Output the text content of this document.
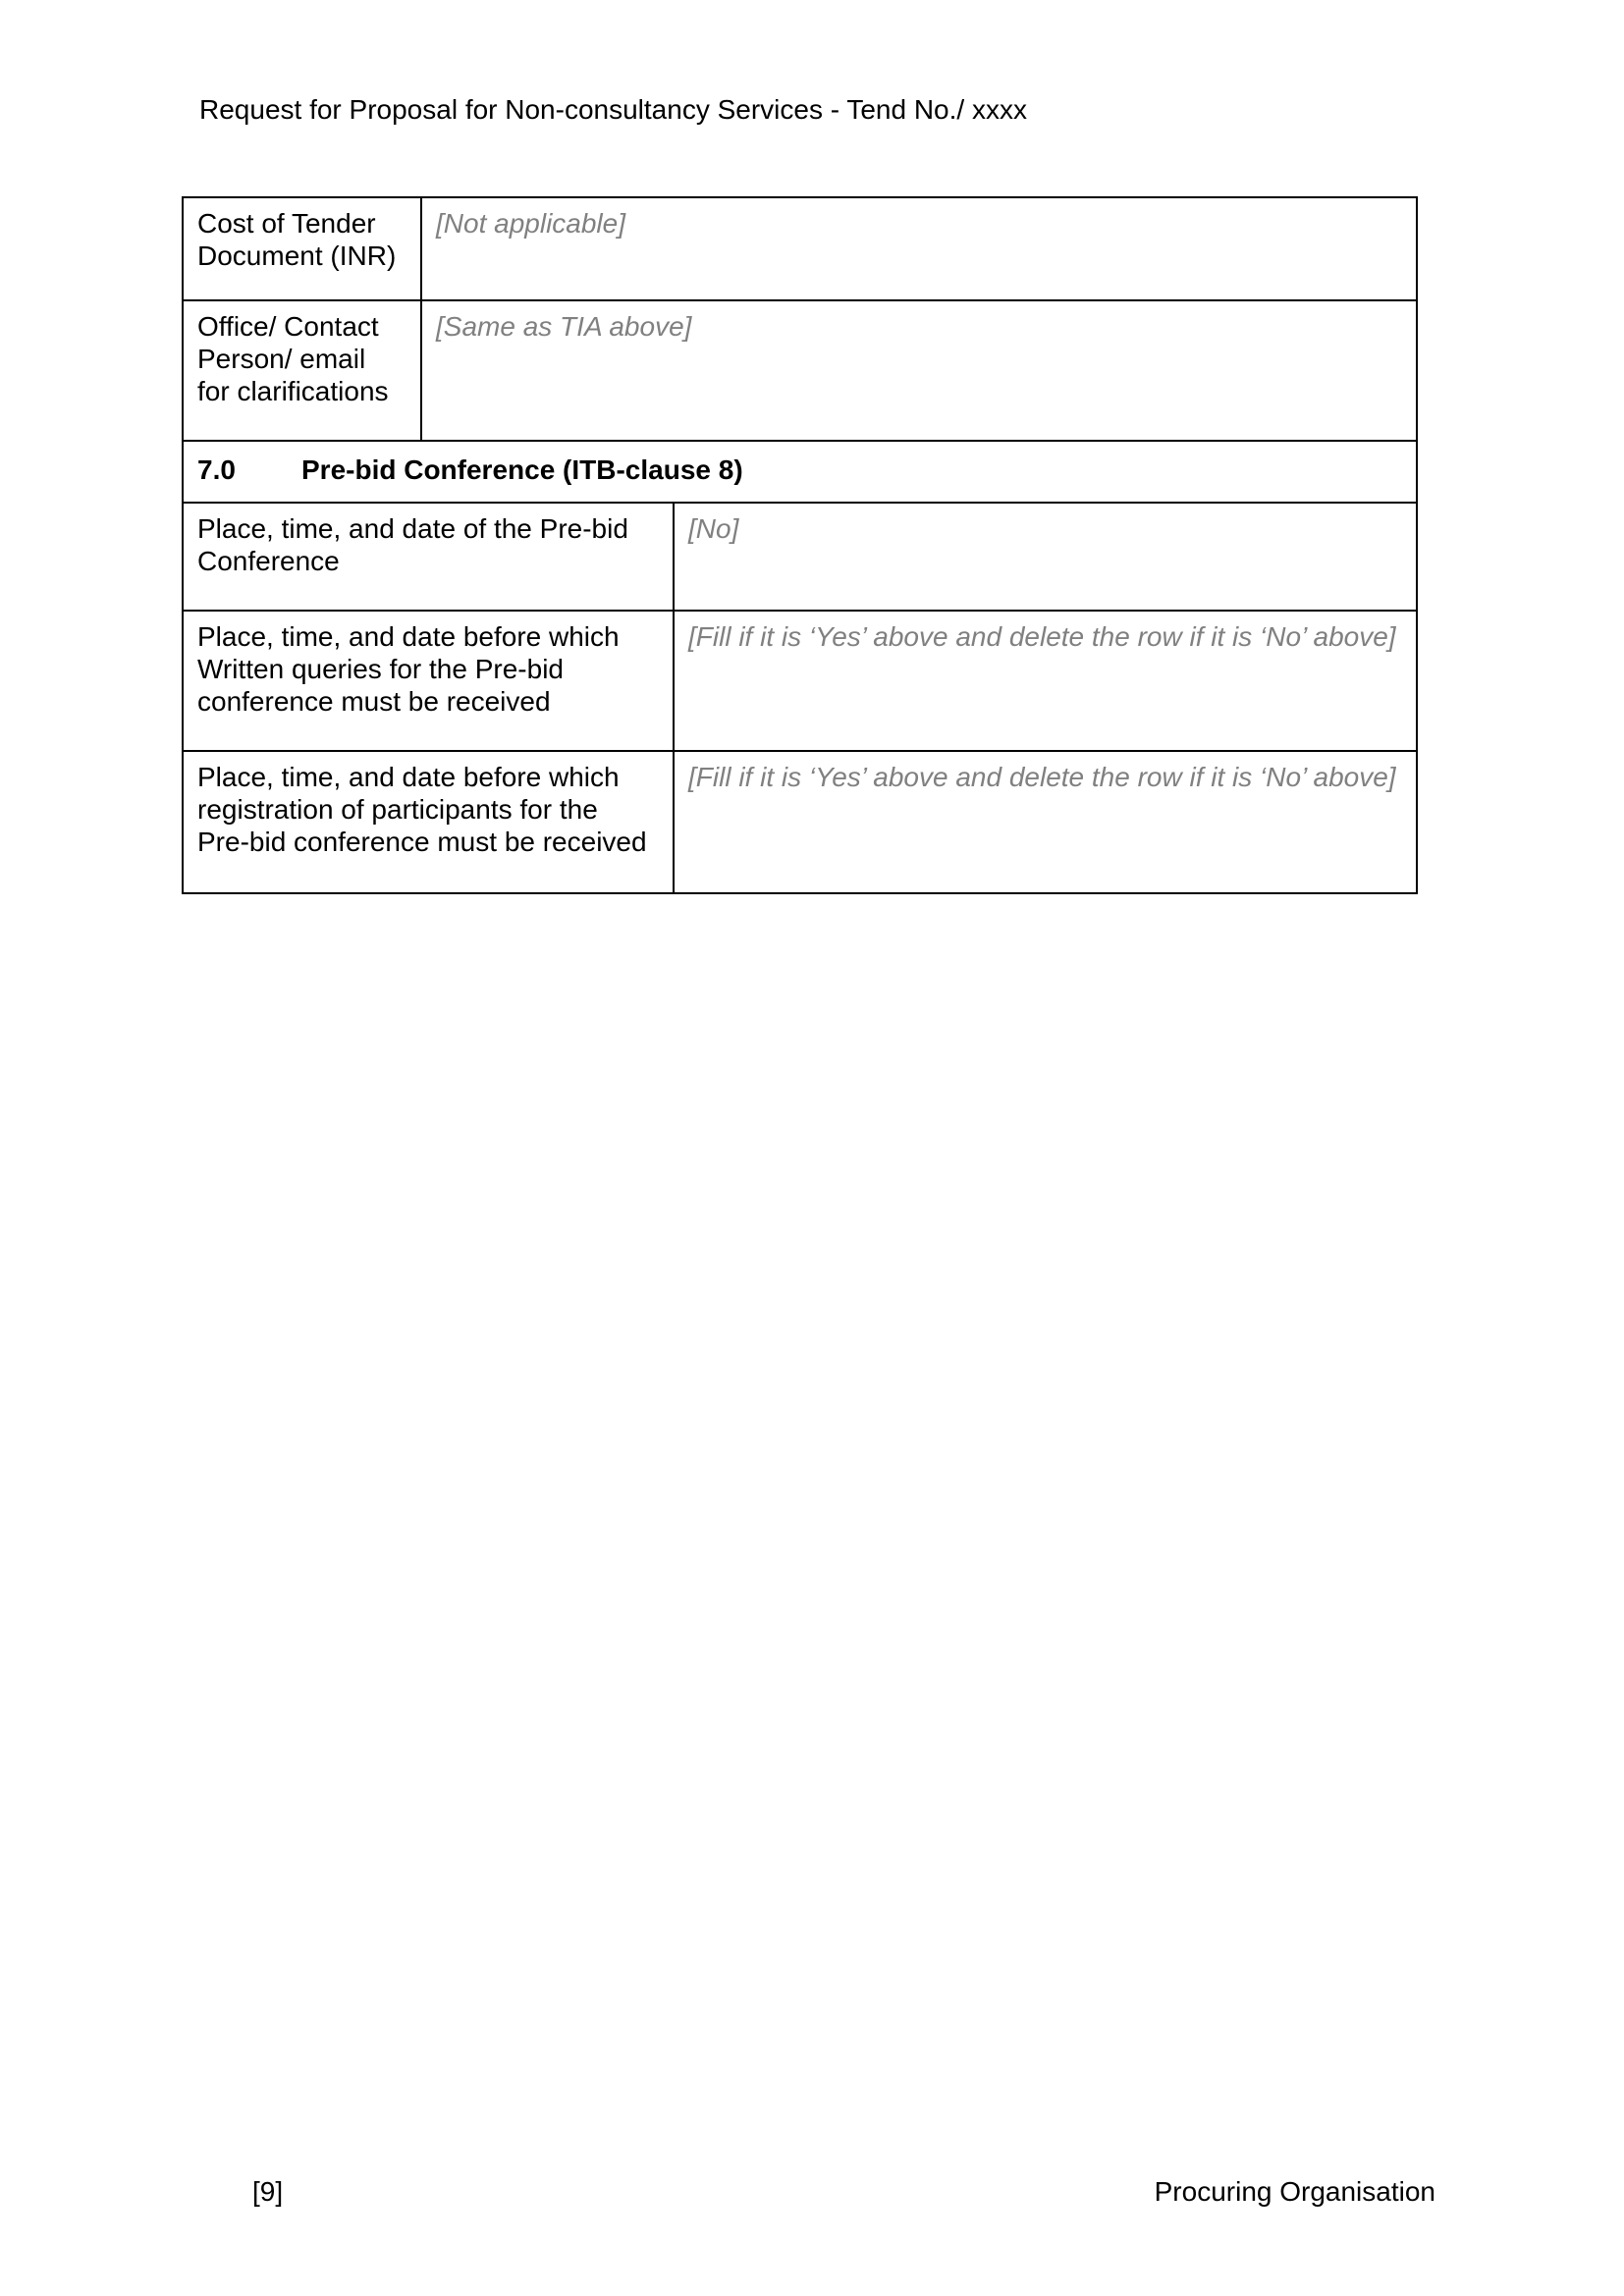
Request for Proposal for Non-consultancy Services - Tend No./ xxxx
Cost of Tender Document (INR)
[Not applicable]
Office/ Contact Person/ email for clarifications
[Same as TIA above]
7.0	Pre-bid Conference (ITB-clause 8)
Place, time, and date of the Pre-bid Conference
[No]
Place, time, and date before which Written queries for the Pre-bid conference must be received
[Fill if it is ‘Yes’ above and delete the row if it is ‘No’ above]
Place, time, and date before which registration of participants for the Pre-bid conference must be received
[Fill if it is ‘Yes’ above and delete the row if it is ‘No’ above]
[9]	Procuring Organisation
